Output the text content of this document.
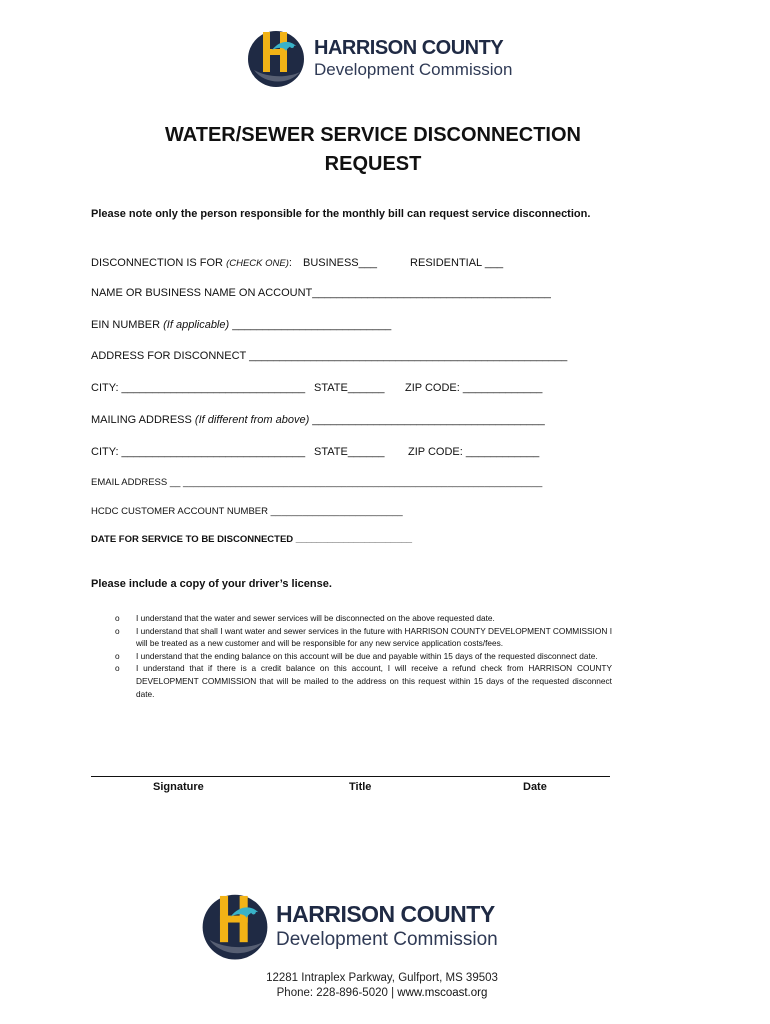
HARRISON COUNTY
Development Commission
WATER/SEWER SERVICE DISCONNECTION
REQUEST
Please note only the person responsible for the monthly bill can request service disconnection.
DISCONNECTION IS FOR (CHECK ONE): BUSINESS___	RESIDENTIAL ___
NAME OR BUSINESS NAME ON ACCOUNT_______________________________________
EIN NUMBER (If applicable) __________________________
ADDRESS FOR DISCONNECT ____________________________________________________
CITY: ______________________________ STATE______ ZIP CODE: _____________
MAILING ADDRESS (If different from above) ______________________________________
CITY: ______________________________ STATE______ ZIP CODE: ____________
EMAIL ADDRESS __ ____________________________________________________________________
HCDC CUSTOMER ACCOUNT NUMBER _________________________
DATE FOR SERVICE TO BE DISCONNECTED ______________________
Please include a copy of your driver’s license.
o	I understand that the water and sewer services will be disconnected on the above requested date.
o	I understand that shall I want water and sewer services in the future with HARRISON COUNTY DEVELOPMENT COMMISSION I will be treated as a new customer and will be responsible for any new service application costs/fees.
o	I understand that the ending balance on this account will be due and payable within 15 days of the requested disconnect date.
o	I understand that if there is a credit balance on this account, I will receive a refund check from HARRISON COUNTY DEVELOPMENT COMMISSION that will be mailed to the address on this request within 15 days of the requested disconnect date.
Signature	Title	Date
HARRISON COUNTY
Development Commission
12281 Intraplex Parkway, Gulfport, MS 39503
Phone: 228-896-5020 | www.mscoast.org
